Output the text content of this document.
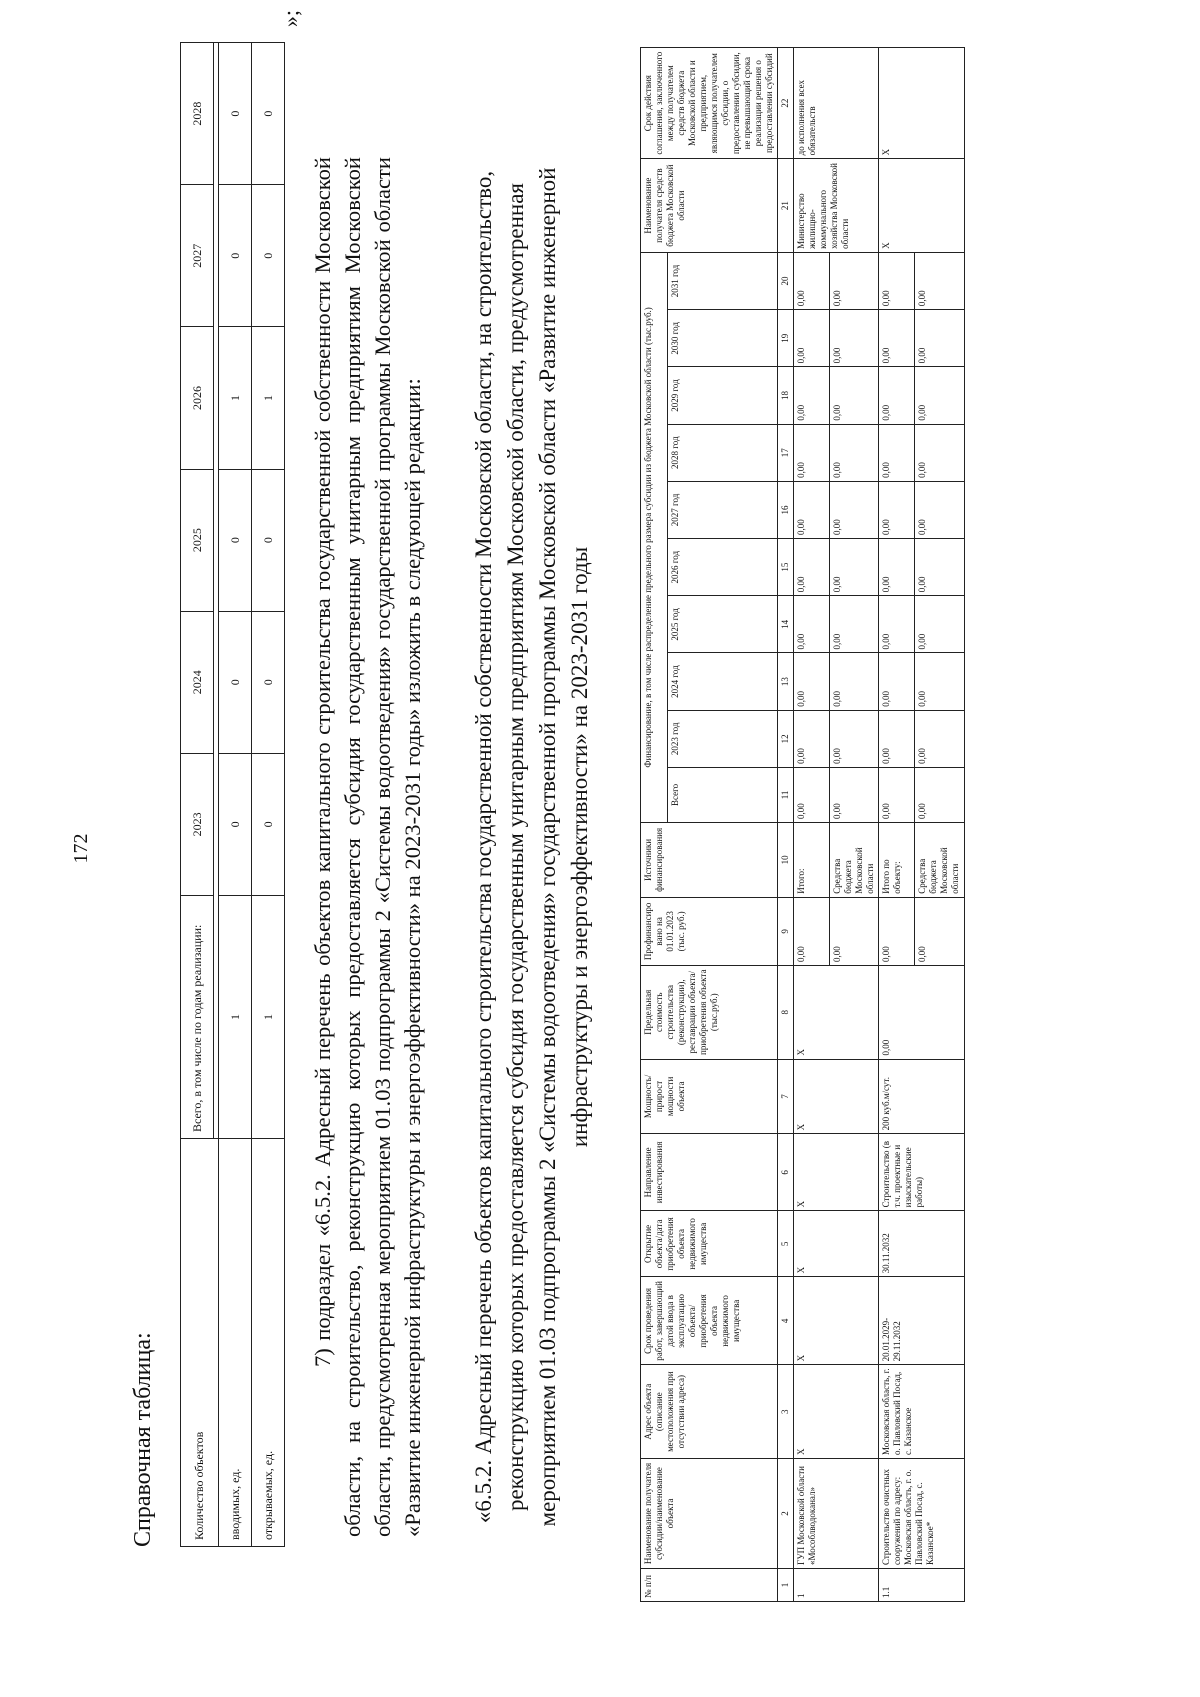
172
Справочная таблица:	Количество объектов	Всего, в том числе по годам реализации:	2023	2024	2025	2026	2027	2028

вводимых, ед.	1	0	0	0	1	0	0
открываемых, ед.	1	0	0	0	1	0	0
»;
7) подраздел «6.5.2. Адресный перечень объектов капитального строительства государственной собственности Московской области, на строительство, реконструкцию которых предоставляется субсидия государственным унитарным предприятиям Московской области, предусмотренная мероприятием 01.03 подпрограммы 2 «Системы водоотведения» государственной программы Московской области «Развитие инженерной инфраструктуры и энергоэффективности» на 2023-2031 годы» изложить в следующей редакции: «6.5.2. Адресный перечень объектов капитального строительства государственной собственности Московской области, на строительство, реконструкцию которых предоставляется субсидия государственным унитарным предприятиям Московской области, предусмотренная мероприятием 01.03 подпрограммы 2 «Системы водоотведения» государственной программы Московской области «Развитие инженерной инфраструктуры и энергоэффективности» на 2023-2031 годы
№ п/п	Наименование получателя субсидии/наименование объекта	Адрес объекта (описание местоположения при отсутствии адреса)	Срок проведения работ, завершающий датой ввода в эксплуатацию объекта/приобретения объекта недвижимого имущества	Открытие объекта/дата приобретения объекта недвижимого имущества	Направление инвестирования	Мощность/прирост мощности объекта	Предельная стоимость строительства (реконструкции), реставрации объекта/приобретения объекта (тыс.руб.)	Профинансировано на 01.01.2023 (тыс. руб.)	Источники финансирования	Финансирование, в том числе распределение предельного размера субсидии из бюджета Московской области (тыс.руб.)										Наименование получателя средств бюджета Московской области	Срок действия соглашения, заключенного между получателем средств бюджета Московской области и предприятием, являющимся получателем субсидии, о предоставлении субсидии, не превышающий срока реализации решения о предоставлении субсидий
										Всего	2023 год	2024 год	2025 год	2026 год	2027 год	2028 год	2029 год	2030 год	2031 год		
1	2	3	4	5	6	7	8	9	10	11	12	13	14	15	16	17	18	19	20	21	22
1	ГУП Московской области «Мособлводоканал»	X	X	X	X	X	X	0,00	Итого:	0,00	0,00	0,00	0,00	0,00	0,00	0,00	0,00	0,00	0,00	Министерство жилищно-коммунального хозяйства Московской области	до исполнения всех обязательств
								0,00	Средства бюджета Московской области	0,00	0,00	0,00	0,00	0,00	0,00	0,00	0,00	0,00	0,00		
1.1	Строительство очистных сооружений по адресу: Московская область, г. о. Павловский Посад, с. Казанское*	Московская область, г. о. Павловский Посад, с. Казанское	20.01.2029-29.11.2032	30.11.2032	Строительство (в т.ч. проектные и изыскательские работы)	200 куб.м/сут.	0,00	0,00	Итого по объекту:	0,00	0,00	0,00	0,00	0,00	0,00	0,00	0,00	0,00	0,00	X	X
								0,00	Средства бюджета Московской области	0,00	0,00	0,00	0,00	0,00	0,00	0,00	0,00	0,00	0,00		
